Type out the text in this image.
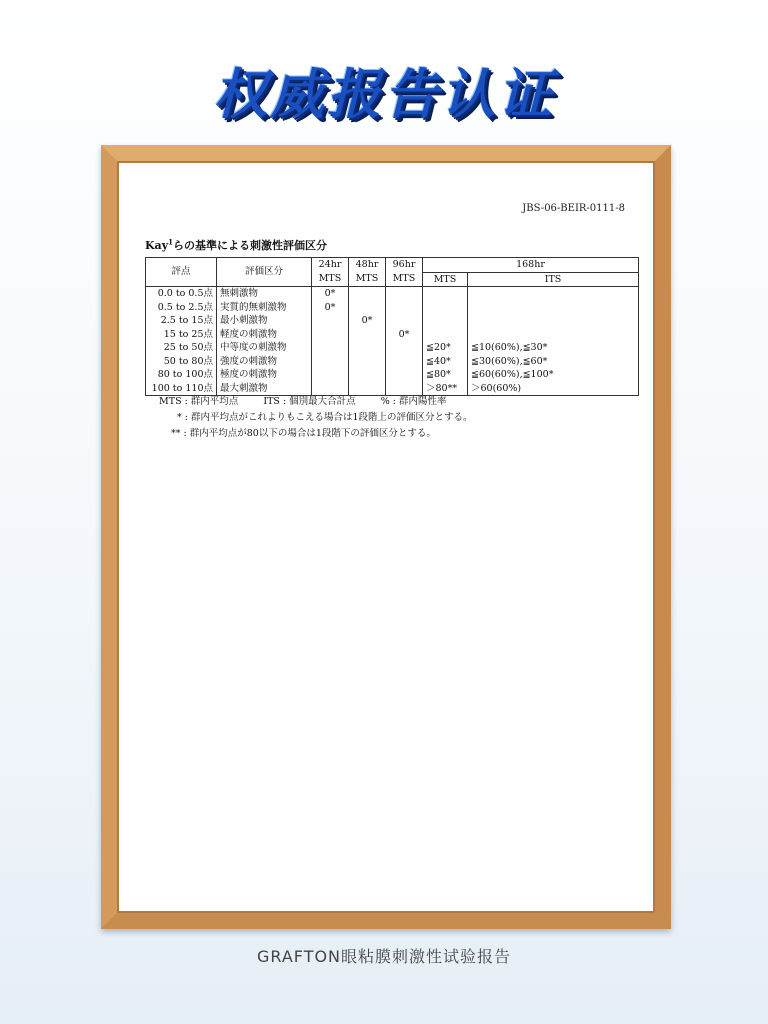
权威报告认证
JBS-06-BEIR-0111-8
Kay$^1$らの基準による刺激性評価区分
評点	評価区分	24hr	48hr	96hr	168hr	
		MTS	MTS	MTS	MTS	ITS
0.0 to 0.5点	無刺激物	0*				
0.5 to 2.5点	実質的無刺激物	0*				
2.5 to 15点	最小刺激物		0*			
15 to 25点	軽度の刺激物			0*		
25 to 50点	中等度の刺激物				≦20*	≦10(60%),≦30*
50 to 80点	強度の刺激物				≦40*	≦30(60%),≦60*
80 to 100点	極度の刺激物				≦80*	≦60(60%),≦100*
100 to 110点	最大刺激物				＞80**	＞60(60%)
MTS : 群内平均点	ITS : 個別最大合計点	% : 群内陽性率
* : 群内平均点がこれよりもこえる場合は1段階上の評価区分とする。
** : 群内平均点が80以下の場合は1段階下の評価区分とする。
GRAFTON眼粘膜刺激性试验报告
